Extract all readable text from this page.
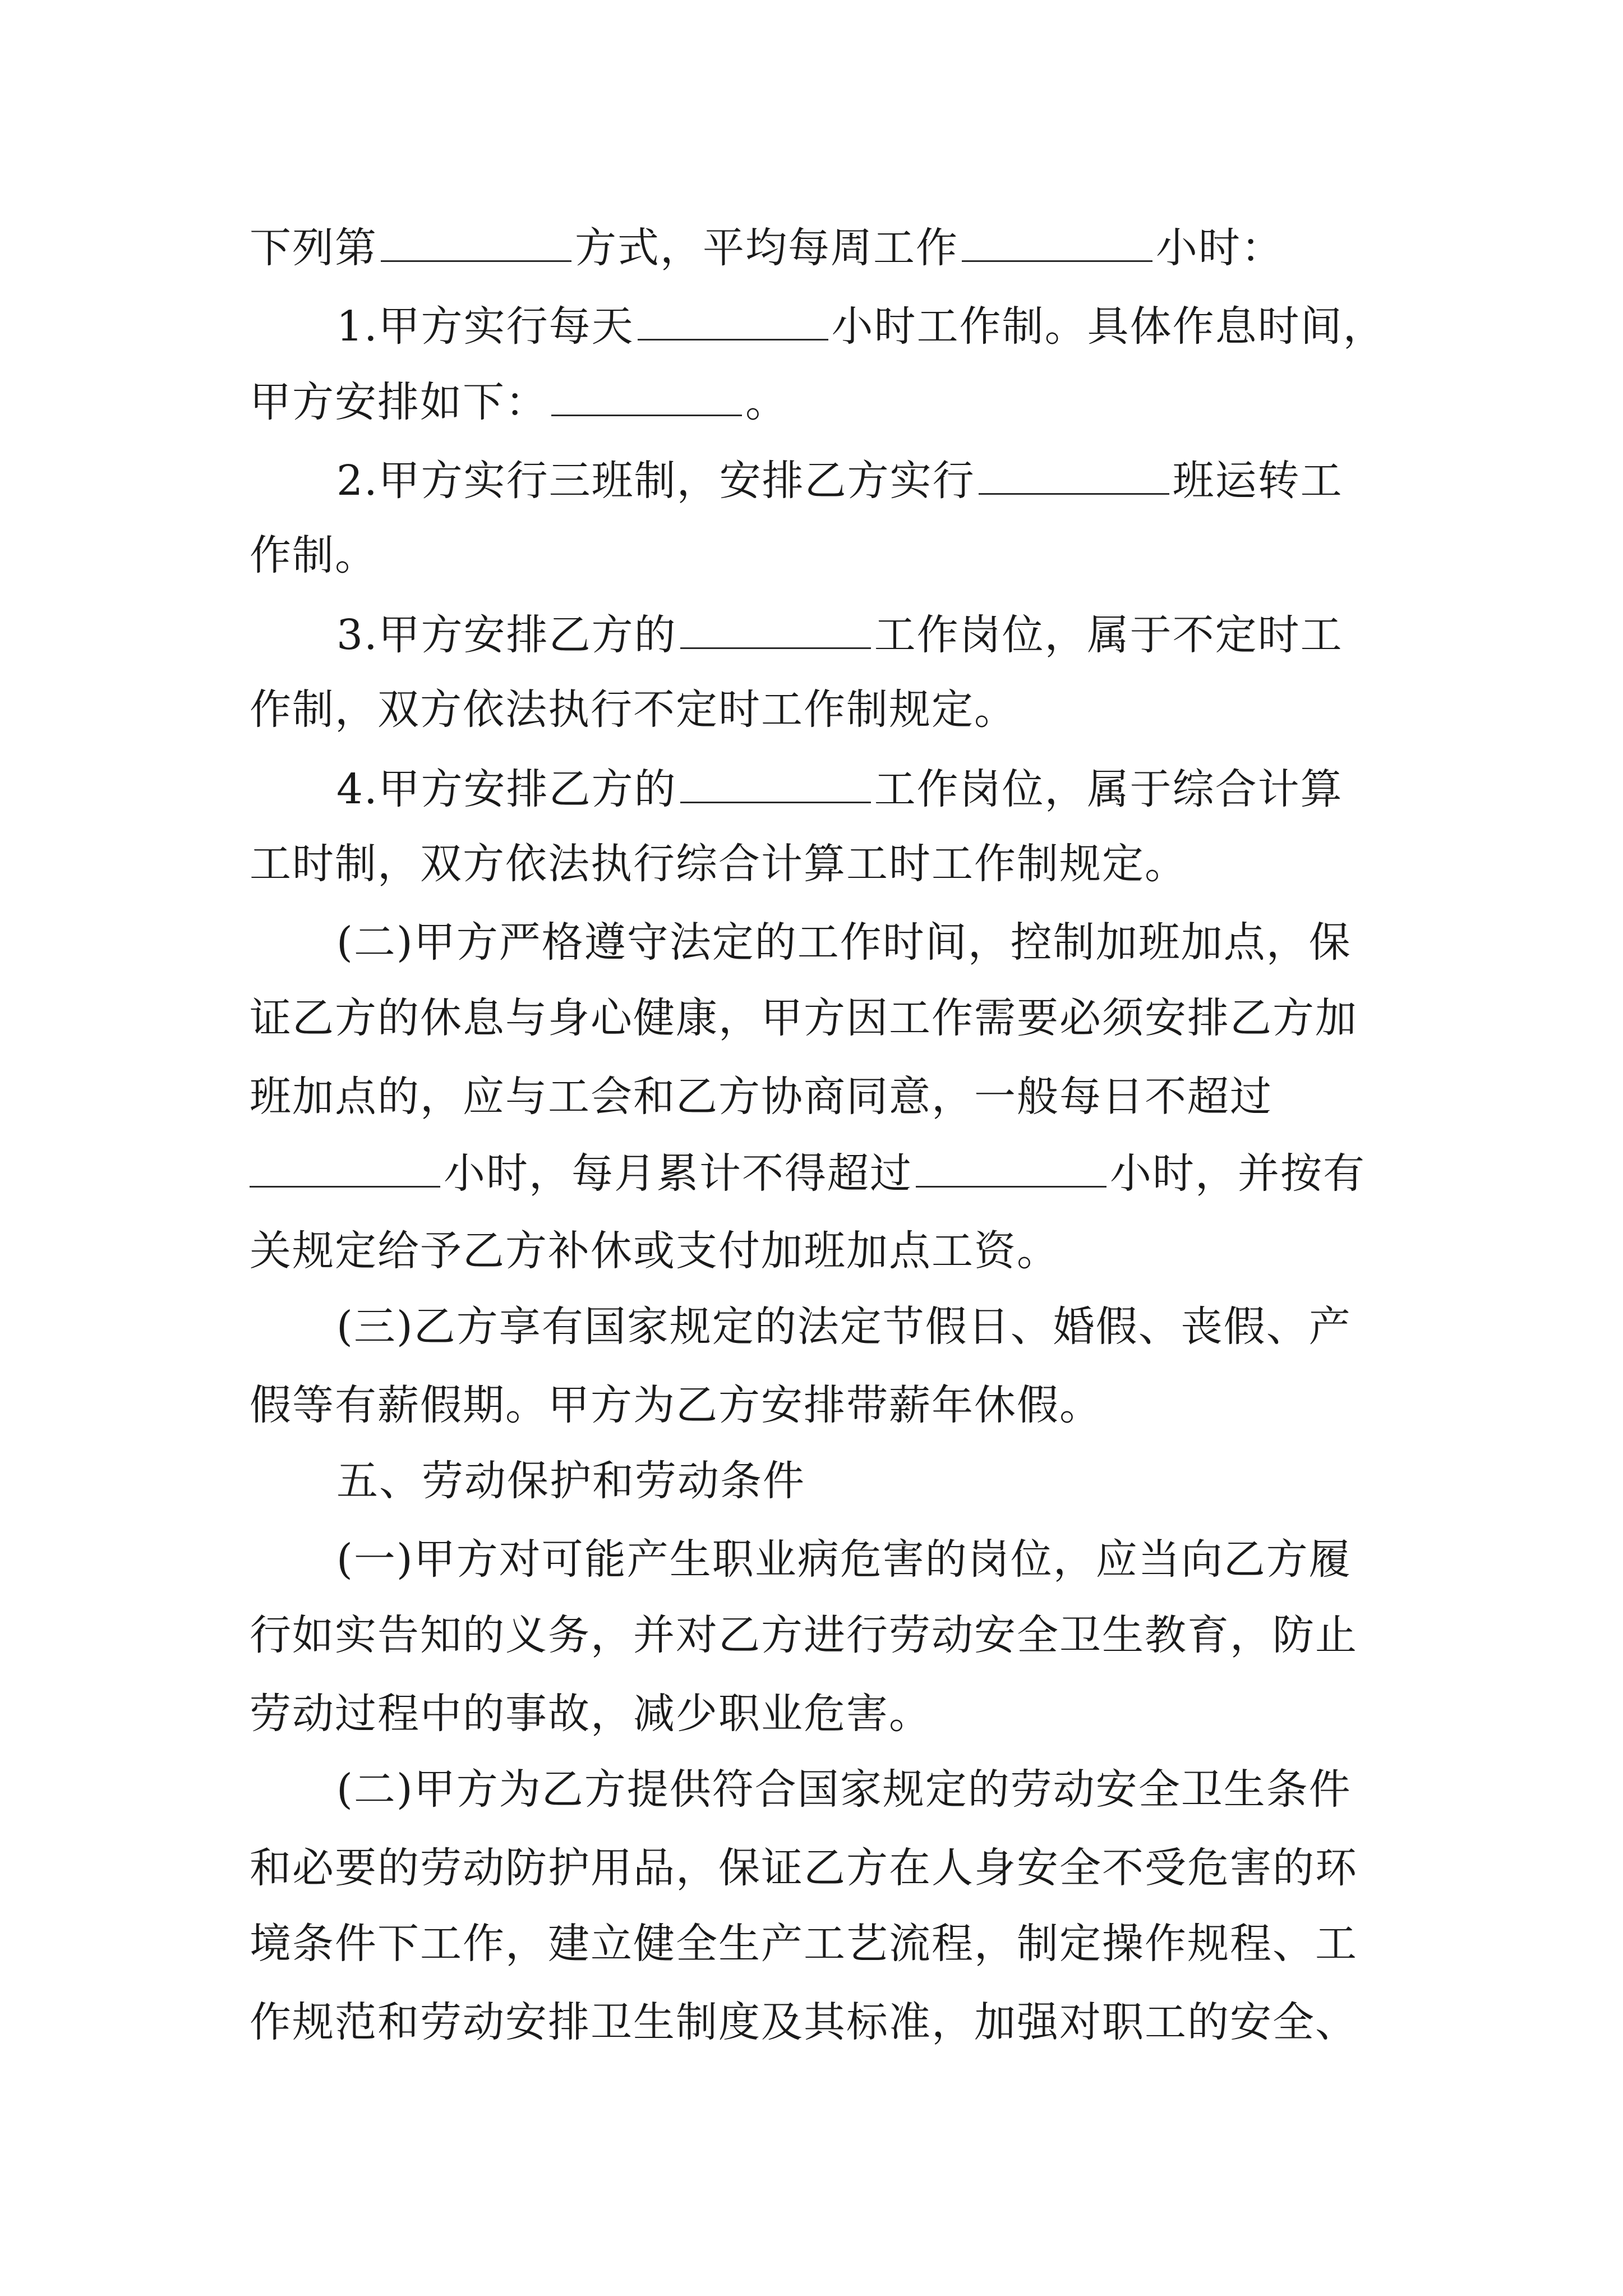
下列第	方式，平均每周工作	小时：
1.甲方实行每天	小时工作制。具体作息时间，
甲方安排如下：	。
2.甲方实行三班制，安排乙方实行	班运转工
作制。
3.甲方安排乙方的	工作岗位，属于不定时工
作制，双方依法执行不定时工作制规定。
4.甲方安排乙方的	工作岗位，属于综合计算
工时制，双方依法执行综合计算工时工作制规定。
(二)甲方严格遵守法定的工作时间，控制加班加点，保
证乙方的休息与身心健康，甲方因工作需要必须安排乙方加
班加点的，应与工会和乙方协商同意，一般每日不超过
小时，每月累计不得超过	小时，并按有
关规定给予乙方补休或支付加班加点工资。
(三)乙方享有国家规定的法定节假日、婚假、丧假、产
假等有薪假期。甲方为乙方安排带薪年休假。
五、劳动保护和劳动条件
(一)甲方对可能产生职业病危害的岗位，应当向乙方履
行如实告知的义务，并对乙方进行劳动安全卫生教育，防止
劳动过程中的事故，减少职业危害。
(二)甲方为乙方提供符合国家规定的劳动安全卫生条件
和必要的劳动防护用品，保证乙方在人身安全不受危害的环
境条件下工作，建立健全生产工艺流程，制定操作规程、工
作规范和劳动安排卫生制度及其标准，加强对职工的安全、
